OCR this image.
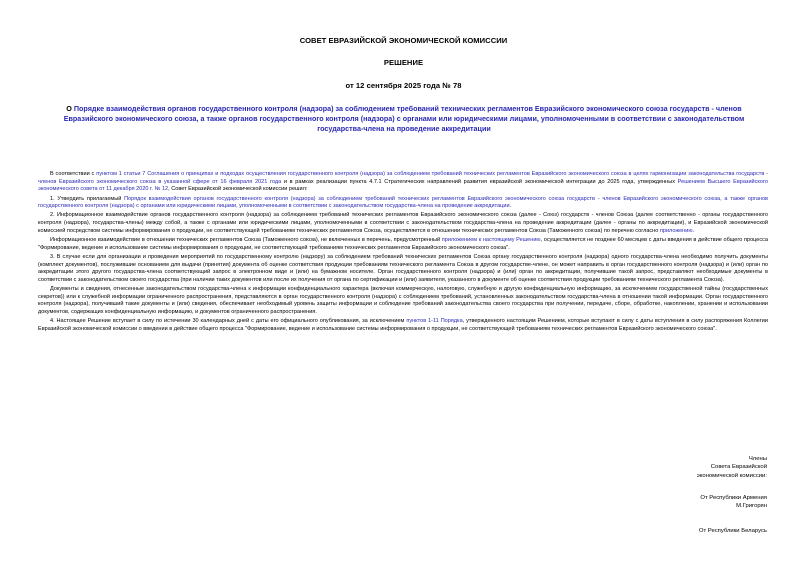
СОВЕТ ЕВРАЗИЙСКОЙ ЭКОНОМИЧЕСКОЙ КОМИССИИ
РЕШЕНИЕ
от 12 сентября 2025 года № 78
О Порядке взаимодействия органов государственного контроля (надзора) за соблюдением требований технических регламентов Евразийского экономического союза государств - членов Евразийского экономического союза, а также органов государственного контроля (надзора) с органами или юридическими лицами, уполномоченными в соответствии с законодательством государства-члена на проведение аккредитации

В соответствии с пунктом 1 статьи 7 Соглашения о принципах и подходах осуществления государственного контроля (надзора) за соблюдением требований технических регламентов Евразийского экономического союза в целях гармонизации законодательства государств - членов Евразийского экономического союза в указанной сфере от 16 февраля 2021 года и в рамках реализации пункта 4.7.1 Стратегических направлений развития евразийской экономической интеграции до 2025 года, утвержденных Решением Высшего Евразийского экономического совета от 11 декабря 2020 г. № 12, Совет Евразийской экономической комиссии решил:

1. Утвердить прилагаемый Порядок взаимодействия органов государственного контроля (надзора) за соблюдением требований технических регламентов Евразийского экономического союза государств - членов Евразийского экономического союза, а также органов государственного контроля (надзора) с органами или юридическими лицами, уполномоченными в соответствии с законодательством государства-члена на проведение аккредитации.

2. Информационное взаимодействие органов государственного контроля (надзора) за соблюдением требований технических регламентов Евразийского экономического союза (далее - Союз) государств - членов Союза (далее соответственно - органы государственного контроля (надзора), государства-члены) между собой, а также с органами или юридическими лицами, уполномоченными в соответствии с законодательством государства-члена на проведение аккредитации (далее - органы по аккредитации), и Евразийской экономической комиссией посредством системы информирования о продукции, не соответствующей требованиям технических регламентов Союза, осуществляется в отношении технических регламентов Союза (Таможенного союза) по перечню согласно приложению.

Информационное взаимодействие в отношении технических регламентов Союза (Таможенного союза), не включенных в перечень, предусмотренный приложением к настоящему Решению, осуществляется не позднее 60 месяцев с даты введения в действие общего процесса "Формирование, ведение и использование системы информирования о продукции, не соответствующей требованиям технических регламентов Евразийского экономического союза".

3. В случае если для организации и проведения мероприятий по государственному контролю (надзору) за соблюдением требований технических регламентов Союза органу государственного контроля (надзора) одного государства-члена необходимо получить документы (комплект документов), послужившие основанием для выдачи (принятия) документа об оценке соответствия продукции требованиям технического регламента Союза в другом государстве-члене, он может направить в орган государственного контроля (надзора) и (или) орган по аккредитации этого другого государства-члена соответствующий запрос в электронном виде и (или) на бумажном носителе. Орган государственного контроля (надзора) и (или) орган по аккредитации, получившие такой запрос, представляют необходимые документы в соответствии с законодательством своего государства (при наличии таких документов или после их получения от органа по сертификации и (или) заявителя, указанного в документе об оценке соответствия продукции требованиям технического регламента Союза).

Документы и сведения, отнесенные законодательством государства-члена к информации конфиденциального характера (включая коммерческую, налоговую, служебную и другую конфиденциальную информацию, за исключением государственной тайны (государственных секретов)) или к служебной информации ограниченного распространения, представляются в орган государственного контроля (надзора) с соблюдением требований, установленных законодательством государства-члена в отношении такой информации. Орган государственного контроля (надзора), получивший такие документы и (или) сведения, обеспечивает необходимый уровень защиты информации и соблюдение требований законодательства своего государства при получении, передаче, сборе, обработке, накоплении, хранении и использовании документов, содержащих конфиденциальную информацию, и документов ограниченного распространения.

4. Настоящее Решение вступает в силу по истечении 30 календарных дней с даты его официального опубликования, за исключением пунктов 1-11 Порядка, утвержденного настоящим Решением, которые вступают в силу с даты вступления в силу распоряжения Коллегии Евразийской экономической комиссии о введении в действие общего процесса "Формирование, ведение и использование системы информирования о продукции, не соответствующей требованиям технических регламентов Евразийского экономического союза".

Члены
Совета Евразийской
экономической комиссии:
От Республики Армения
М.Григорян
От Республики Беларусь
